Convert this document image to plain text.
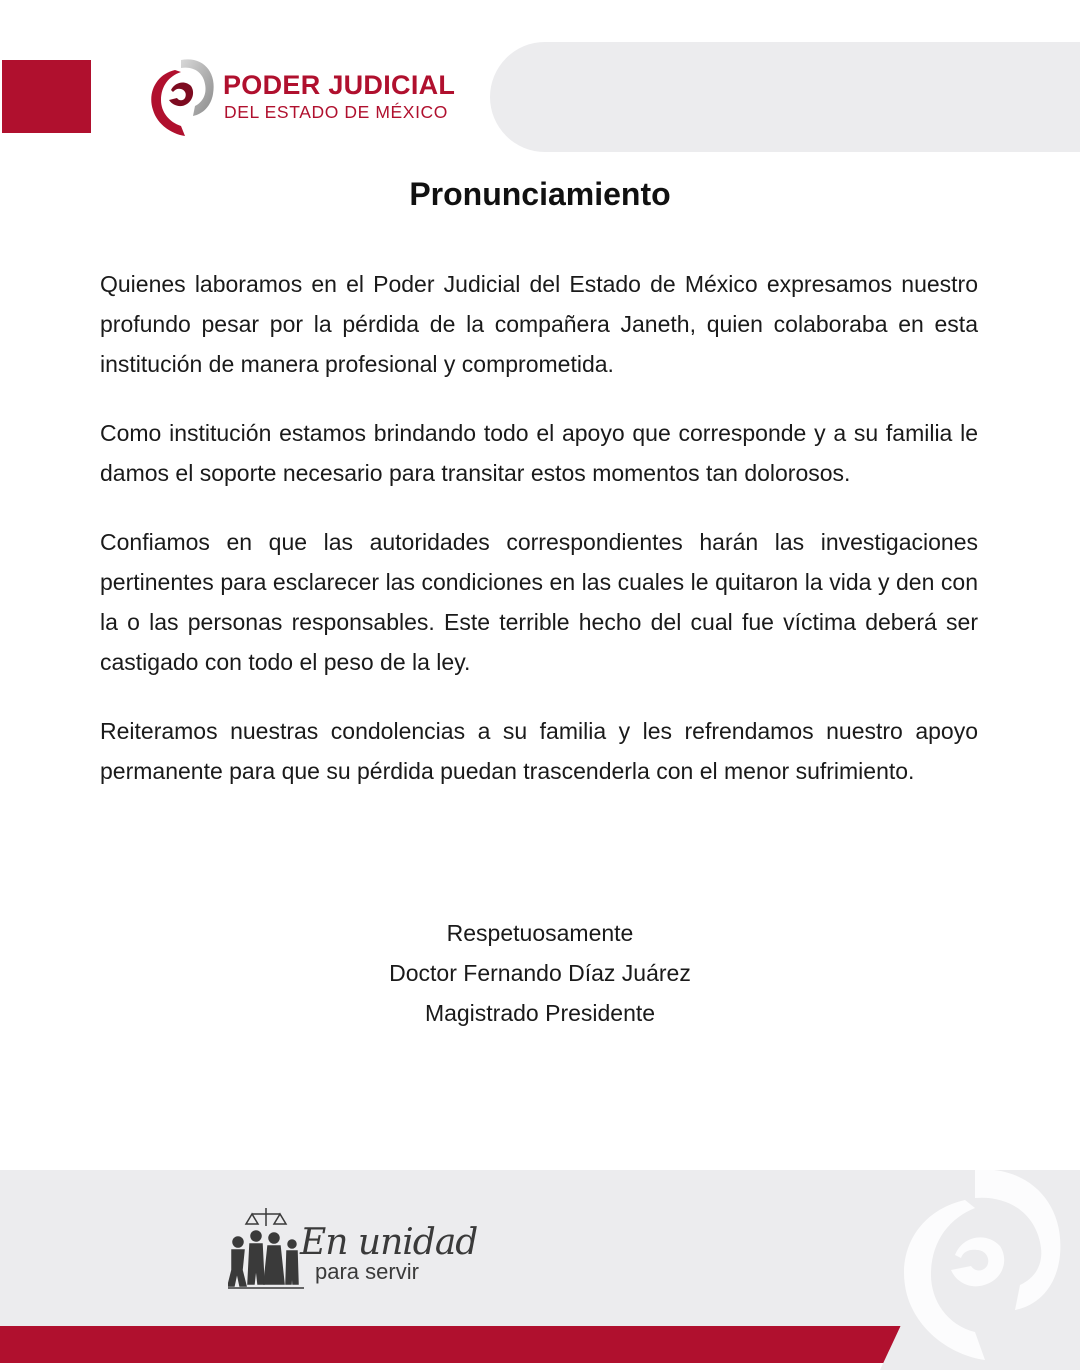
PODER JUDICIAL
DEL ESTADO DE MÉXICO
Pronunciamiento

Quienes laboramos en el Poder Judicial del Estado de México expresamos nuestro profundo pesar por la pérdida de la compañera Janeth, quien colaboraba en esta institución de manera profesional y comprometida.

Como institución estamos brindando todo el apoyo que corresponde y a su familia le damos el soporte necesario para transitar estos momentos tan dolorosos.

Confiamos en que las autoridades correspondientes harán las investigaciones pertinentes para esclarecer las condiciones en las cuales le quitaron la vida y den con la o las personas responsables. Este terrible hecho del cual fue víctima deberá ser castigado con todo el peso de la ley.

Reiteramos nuestras condolencias a su familia y les refrendamos nuestro apoyo permanente para que su pérdida puedan trascenderla con el menor sufrimiento.

Respetuosamente
Doctor Fernando Díaz Juárez
Magistrado Presidente
En unidad
para servir
